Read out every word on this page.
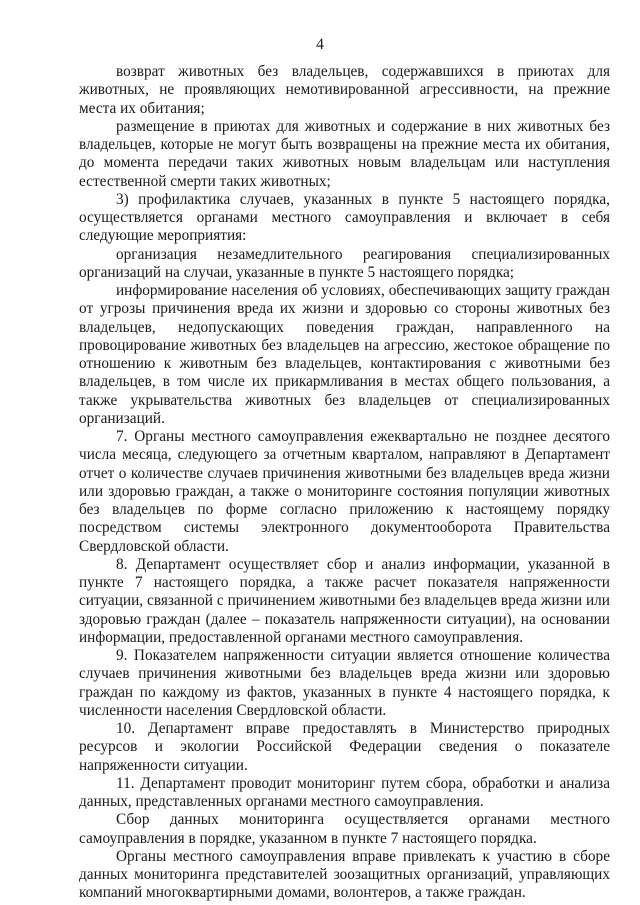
4

возврат животных без владельцев, содержавшихся в приютах для животных, не проявляющих немотивированной агрессивности, на прежние места их обитания;

размещение в приютах для животных и содержание в них животных без владельцев, которые не могут быть возвращены на прежние места их обитания, до момента передачи таких животных новым владельцам или наступления естественной смерти таких животных;

3) профилактика случаев, указанных в пункте 5 настоящего порядка, осуществляется органами местного самоуправления и включает в себя следующие мероприятия:

организация незамедлительного реагирования специализированных организаций на случаи, указанные в пункте 5 настоящего порядка;

информирование населения об условиях, обеспечивающих защиту граждан от угрозы причинения вреда их жизни и здоровью со стороны животных без владельцев, недопускающих поведения граждан, направленного на провоцирование животных без владельцев на агрессию, жестокое обращение по отношению к животным без владельцев, контактирования с животными без владельцев, в том числе их прикармливания в местах общего пользования, а также укрывательства животных без владельцев от специализированных организаций.

7. Органы местного самоуправления ежеквартально не позднее десятого числа месяца, следующего за отчетным кварталом, направляют в Департамент отчет о количестве случаев причинения животными без владельцев вреда жизни или здоровью граждан, а также о мониторинге состояния популяции животных без владельцев по форме согласно приложению к настоящему порядку посредством системы электронного документооборота Правительства Свердловской области.

8. Департамент осуществляет сбор и анализ информации, указанной в пункте 7 настоящего порядка, а также расчет показателя напряженности ситуации, связанной с причинением животными без владельцев вреда жизни или здоровью граждан (далее – показатель напряженности ситуации), на основании информации, предоставленной органами местного самоуправления.

9. Показателем напряженности ситуации является отношение количества случаев причинения животными без владельцев вреда жизни или здоровью граждан по каждому из фактов, указанных в пункте 4 настоящего порядка, к численности населения Свердловской области.

10. Департамент вправе предоставлять в Министерство природных ресурсов и экологии Российской Федерации сведения о показателе напряженности ситуации.

11. Департамент проводит мониторинг путем сбора, обработки и анализа данных, представленных органами местного самоуправления.

Сбор данных мониторинга осуществляется органами местного самоуправления в порядке, указанном в пункте 7 настоящего порядка.

Органы местного самоуправления вправе привлекать к участию в сборе данных мониторинга представителей зоозащитных организаций, управляющих компаний многоквартирными домами, волонтеров, а также граждан.
